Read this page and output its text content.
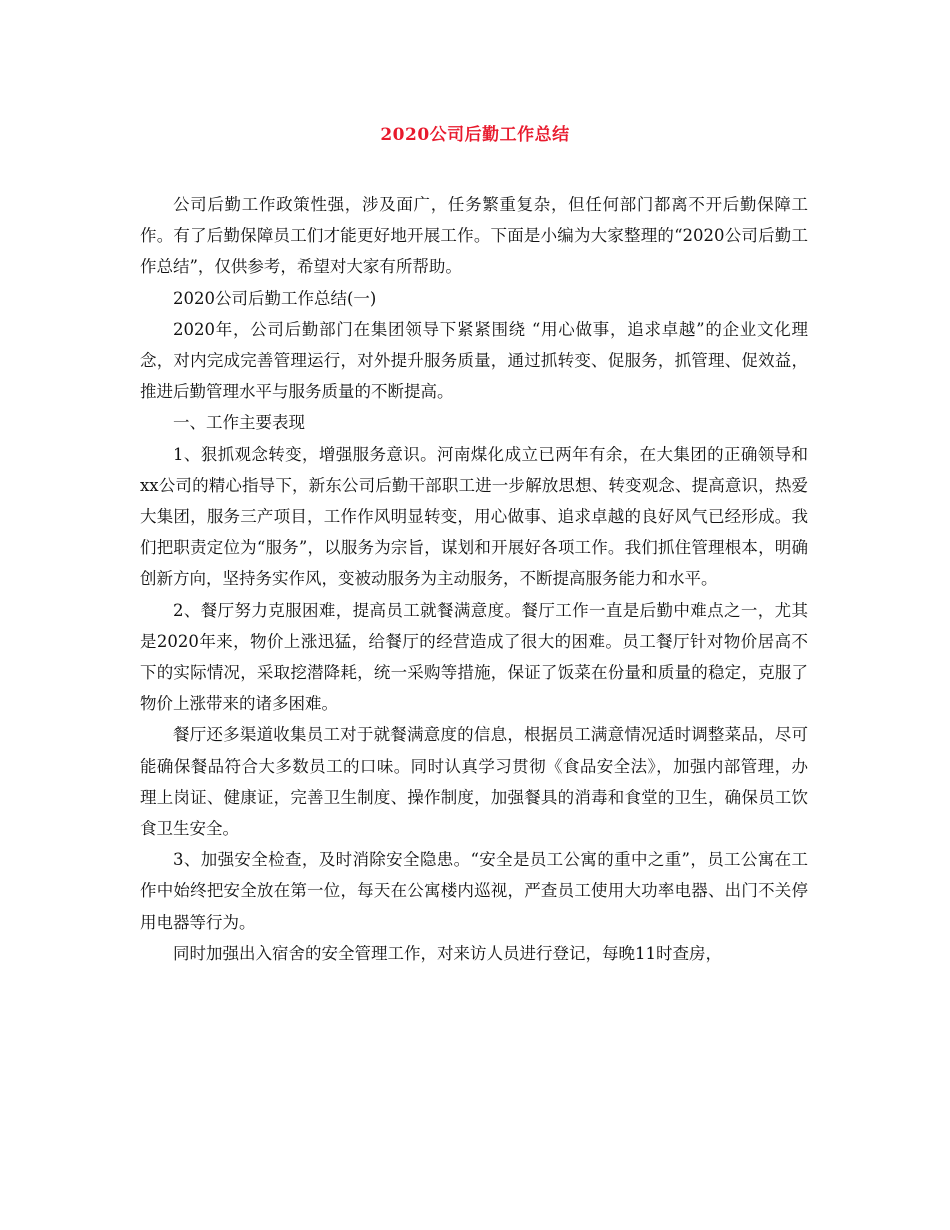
2020公司后勤工作总结

公司后勤工作政策性强，涉及面广，任务繁重复杂，但任何部门都离不开后勤保障工作。有了后勤保障员工们才能更好地开展工作。下面是小编为大家整理的“2020公司后勤工作总结”，仅供参考，希望对大家有所帮助。

2020公司后勤工作总结(一)

2020年，公司后勤部门在集团领导下紧紧围绕 “用心做事，追求卓越”的企业文化理念，对内完成完善管理运行，对外提升服务质量，通过抓转变、促服务，抓管理、促效益，推进后勤管理水平与服务质量的不断提高。

一、工作主要表现

1、狠抓观念转变，增强服务意识。河南煤化成立已两年有余，在大集团的正确领导和xx公司的精心指导下，新东公司后勤干部职工进一步解放思想、转变观念、提高意识，热爱大集团，服务三产项目，工作作风明显转变，用心做事、追求卓越的良好风气已经形成。我们把职责定位为“服务”，以服务为宗旨，谋划和开展好各项工作。我们抓住管理根本，明确创新方向，坚持务实作风，变被动服务为主动服务，不断提高服务能力和水平。

2、餐厅努力克服困难，提高员工就餐满意度。餐厅工作一直是后勤中难点之一，尤其是2020年来，物价上涨迅猛，给餐厅的经营造成了很大的困难。员工餐厅针对物价居高不下的实际情况，采取挖潜降耗，统一采购等措施，保证了饭菜在份量和质量的稳定，克服了物价上涨带来的诸多困难。

餐厅还多渠道收集员工对于就餐满意度的信息，根据员工满意情况适时调整菜品，尽可能确保餐品符合大多数员工的口味。同时认真学习贯彻《食品安全法》，加强内部管理，办理上岗证、健康证，完善卫生制度、操作制度，加强餐具的消毒和食堂的卫生，确保员工饮食卫生安全。

3、加强安全检查，及时消除安全隐患。“安全是员工公寓的重中之重”，员工公寓在工作中始终把安全放在第一位，每天在公寓楼内巡视，严查员工使用大功率电器、出门不关停用电器等行为。

同时加强出入宿舍的安全管理工作，对来访人员进行登记，每晚11时查房，
